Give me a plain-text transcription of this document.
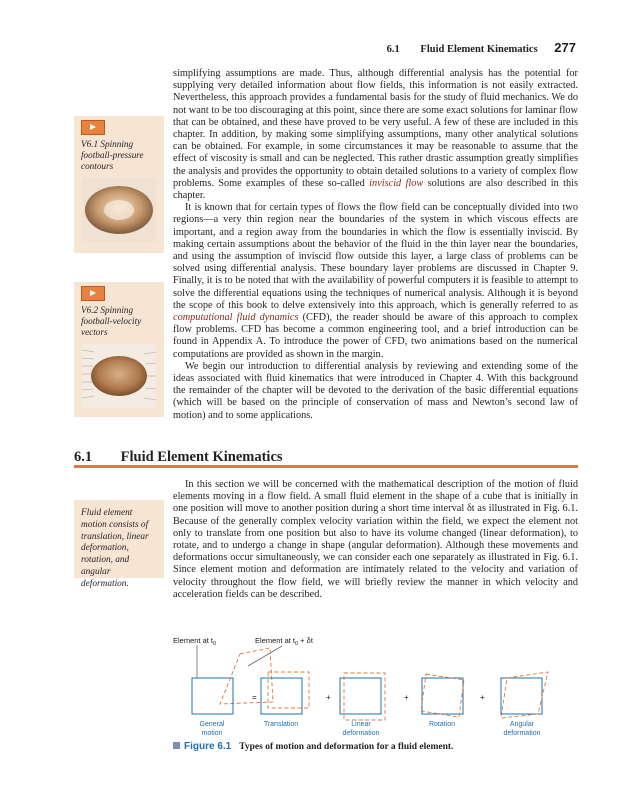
6.1 Fluid Element Kinematics 277

simplifying assumptions are made. Thus, although differential analysis has the potential for supplying very detailed information about flow fields, this information is not easily extracted. Nevertheless, this approach provides a fundamental basis for the study of fluid mechanics. We do not want to be too discouraging at this point, since there are some exact solutions for laminar flow that can be obtained, and these have proved to be very useful. A few of these are included in this chapter. In addition, by making some simplifying assumptions, many other analytical solutions can be obtained. For example, in some circumstances it may be reasonable to assume that the effect of viscosity is small and can be neglected. This rather drastic assumption greatly simplifies the analysis and provides the opportunity to obtain detailed solutions to a variety of complex flow problems. Some examples of these so-called inviscid flow solutions are also described in this chapter.

It is known that for certain types of flows the flow field can be conceptually divided into two regions—a very thin region near the boundaries of the system in which viscous effects are important, and a region away from the boundaries in which the flow is essentially inviscid. By making certain assumptions about the behavior of the fluid in the thin layer near the boundaries, and using the assumption of inviscid flow outside this layer, a large class of problems can be solved using differential analysis. These boundary layer problems are discussed in Chapter 9. Finally, it is to be noted that with the availability of powerful computers it is feasible to attempt to solve the differential equations using the techniques of numerical analysis. Although it is beyond the scope of this book to delve extensively into this approach, which is generally referred to as computational fluid dynamics (CFD), the reader should be aware of this approach to complex flow problems. CFD has become a common engineering tool, and a brief introduction can be found in Appendix A. To introduce the power of CFD, two animations based on the numerical computations are provided as shown in the margin.

We begin our introduction to differential analysis by reviewing and extending some of the ideas associated with fluid kinematics that were introduced in Chapter 4. With this background the remainder of the chapter will be devoted to the derivation of the basic differential equations (which will be based on the principle of conservation of mass and Newton’s second law of motion) and to some applications.

V6.1 Spinning football-pressure contours
V6.2 Spinning football-velocity vectors
6.1 Fluid Element Kinematics

In this section we will be concerned with the mathematical description of the motion of fluid elements moving in a flow field. A small fluid element in the shape of a cube that is initially in one position will move to another position during a short time interval δt as illustrated in Fig. 6.1. Because of the generally complex velocity variation within the field, we expect the element not only to translate from one position but also to have its volume changed (linear deformation), to rotate, and to undergo a change in shape (angular deformation). Although these movements and deformations occur simultaneously, we can consider each one separately as illustrated in Fig. 6.1. Since element motion and deformation are intimately related to the velocity and variation of velocity throughout the flow field, we will briefly review the manner in which velocity and acceleration fields can be described.

Fluid element motion consists of translation, linear deformation, rotation, and angular deformation.
Element at $t_0$	Element at $t_0 + \delta t$
=	+	+	+
General
motion
Translation	Linear
deformation
Rotation	Angular
deformation
Figure 6.1 Types of motion and deformation for a fluid element.
